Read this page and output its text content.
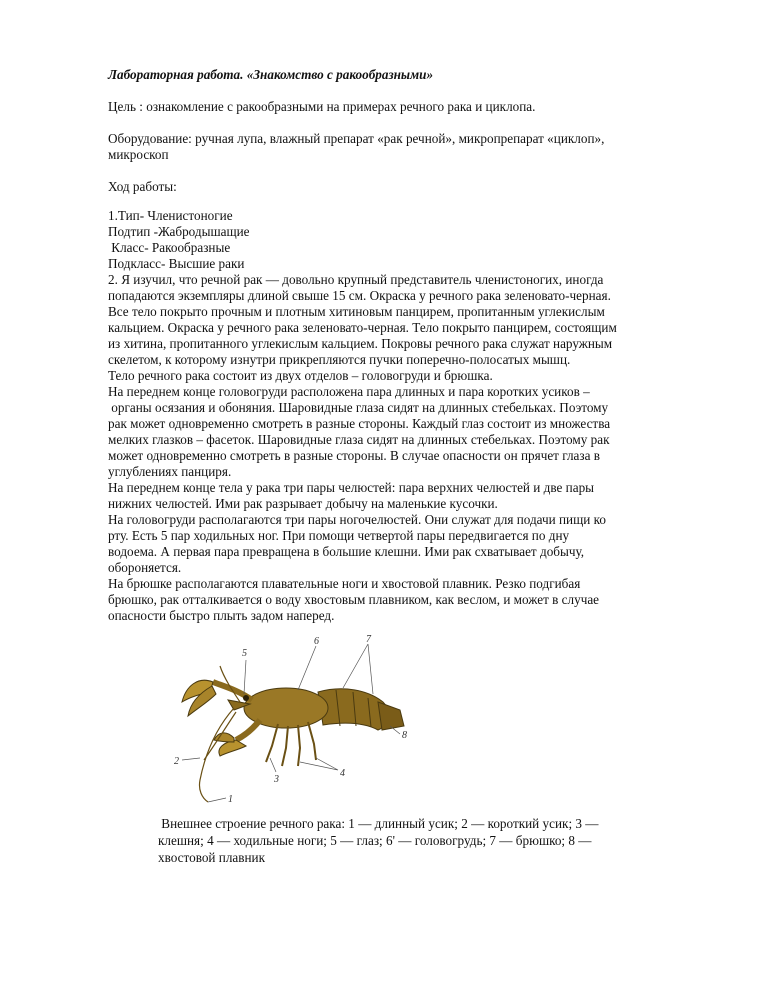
Лабораторная работа. «Знакомство с ракообразными»

Цель : ознакомление с ракообразными на примерах речного рака и циклопа.

Оборудование: ручная лупа, влажный препарат «рак речной», микропрепарат «циклоп»,
микроскоп

Ход работы:

1.Тип- Членистоногие
Подтип -Жабродышащие
Класс- Ракообразные
Подкласс- Высшие раки
2. Я изучил, что речной рак — довольно крупный представитель членистоногих, иногда
попадаются экземпляры длиной свыше 15 см. Окраска у речного рака зеленовато-черная.
Все тело покрыто прочным и плотным хитиновым панцирем, пропитанным углекислым
кальцием. Окраска у речного рака зеленовато-черная. Тело покрыто панцирем, состоящим
из хитина, пропитанного углекислым кальцием. Покровы речного рака служат наружным
скелетом, к которому изнутри прикрепляются пучки поперечно-полосатых мышц.
Тело речного рака состоит из двух отделов – головогруди и брюшка.
На переднем конце головогруди расположена пара длинных и пара коротких усиков –
органы осязания и обоняния. Шаровидные глаза сидят на длинных стебельках. Поэтому
рак может одновременно смотреть в разные стороны. Каждый глаз состоит из множества
мелких глазков – фасеток. Шаровидные глаза сидят на длинных стебельках. Поэтому рак
может одновременно смотреть в разные стороны. В случае опасности он прячет глаза в
углублениях панциря.
На переднем конце тела у рака три пары челюстей: пара верхних челюстей и две пары
нижних челюстей. Ими рак разрывает добычу на маленькие кусочки.
На головогруди располагаются три пары ногочелюстей. Они служат для подачи пищи ко
рту. Есть 5 пар ходильных ног. При помощи четвертой пары передвигается по дну
водоема. А первая пара превращена в большие клешни. Ими рак схватывает добычу,
обороняется.
На брюшке располагаются плавательные ноги и хвостовой плавник. Резко подгибая
брюшко, рак отталкивается о воду хвостовым плавником, как веслом, и может в случае
опасности быстро плыть задом наперед.
1
2
3
4
5
6	7
8
Внешнее строение речного рака: 1 — длинный усик; 2 — короткий усик; 3 —
клешня; 4 — ходильные ноги; 5 — глаз; 6' — головогрудь; 7 — брюшко; 8 —
хвостовой плавник
